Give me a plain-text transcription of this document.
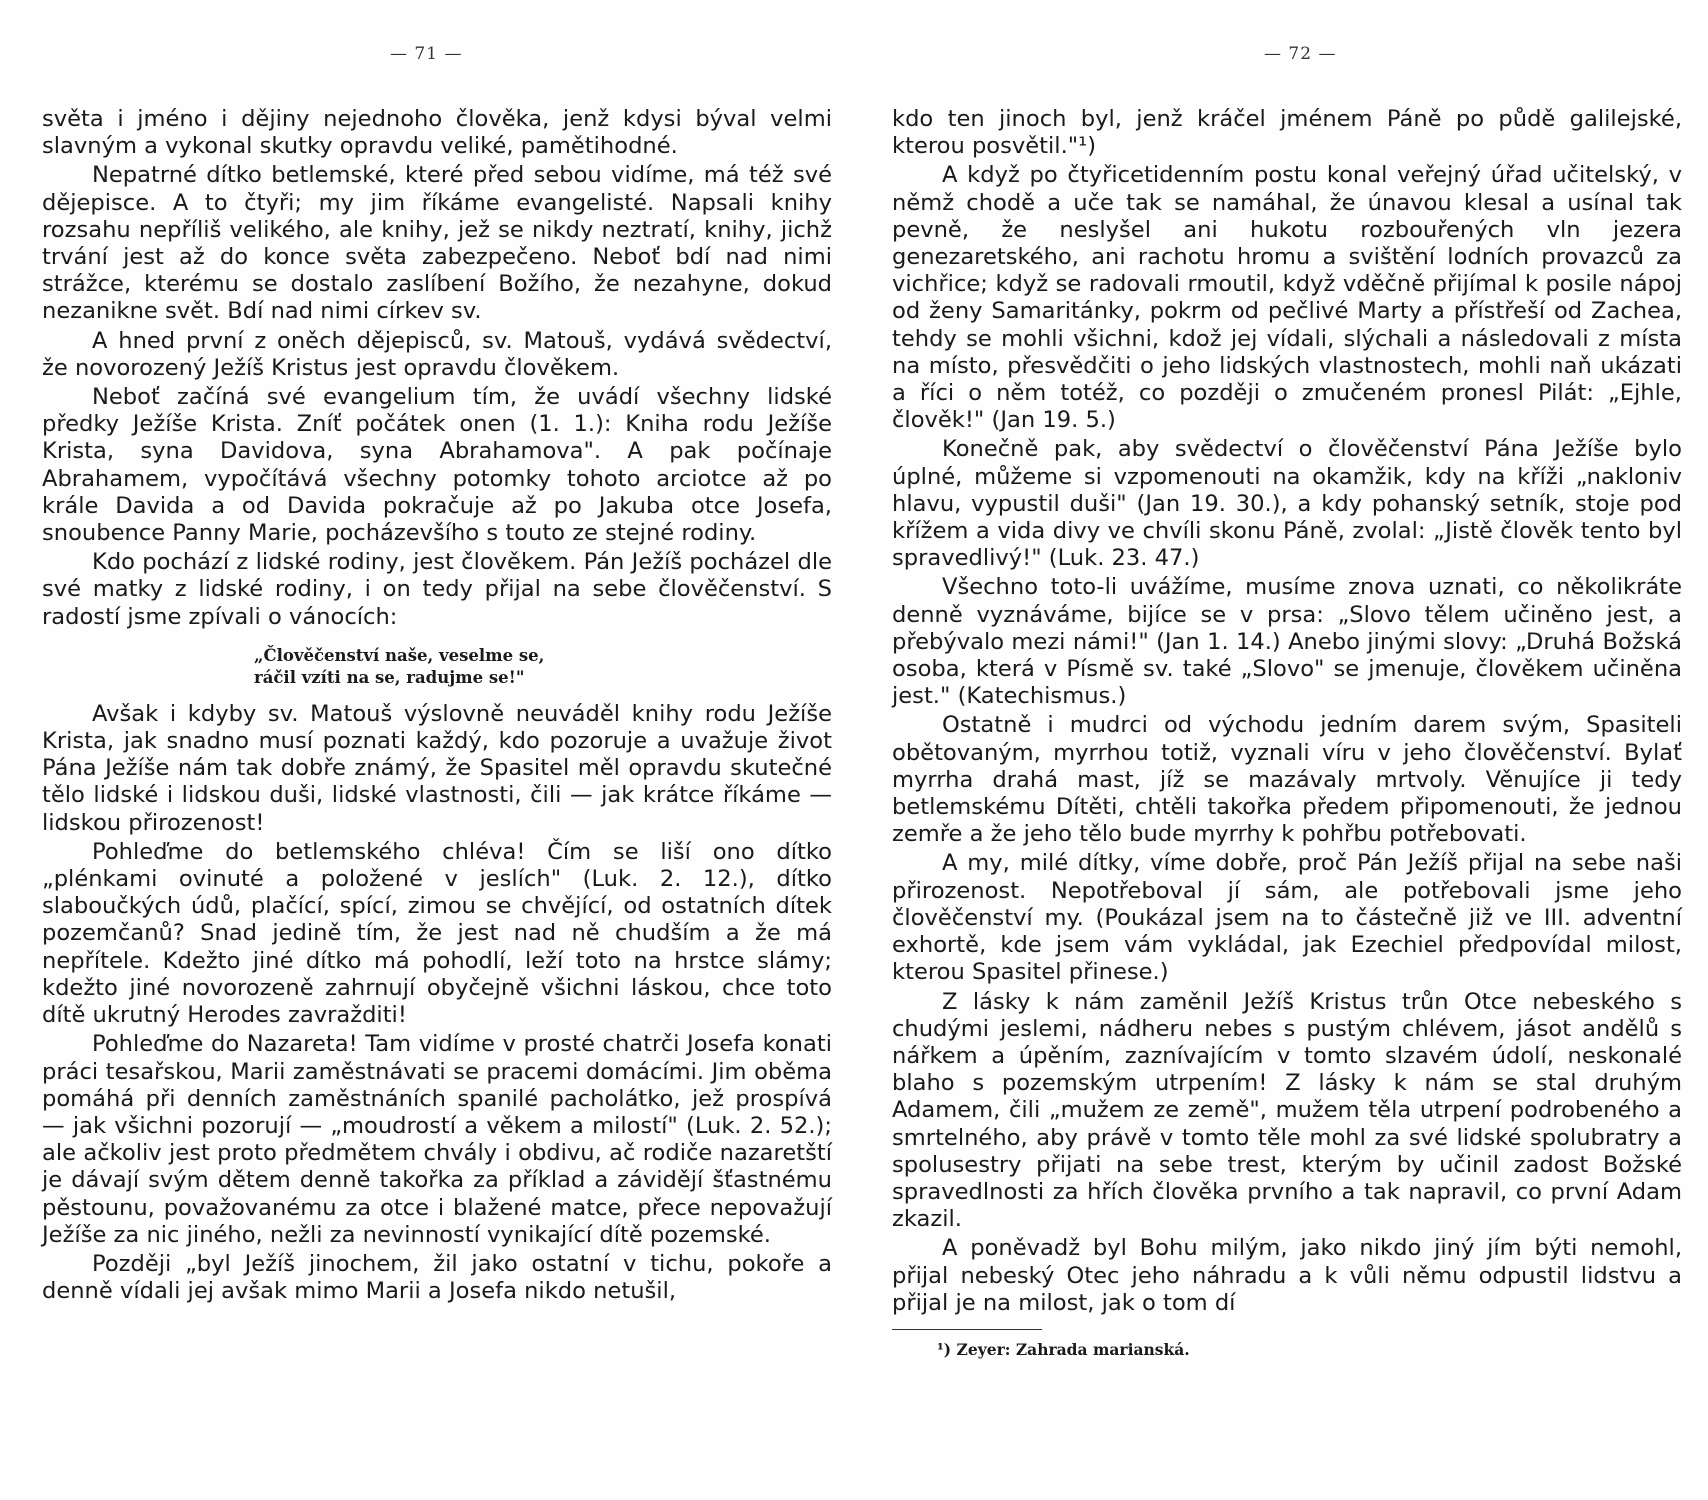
— 71 —

světa i jméno i dějiny nejednoho člověka, jenž kdysi býval velmi slavným a vykonal skutky opravdu veliké, pamětihodné.

Nepatrné dítko betlemské, které před sebou vidíme, má též své dějepisce. A to čtyři; my jim říkáme evangelisté. Napsali knihy rozsahu nepříliš velikého, ale knihy, jež se nikdy neztratí, knihy, jichž trvání jest až do konce světa zabezpečeno. Neboť bdí nad nimi strážce, kterému se dostalo zaslíbení Božího, že nezahyne, dokud nezanikne svět. Bdí nad nimi církev sv.

A hned první z oněch dějepisců, sv. Matouš, vydává svědectví, že novorozený Ježíš Kristus jest opravdu člověkem.

Neboť začíná své evangelium tím, že uvádí všechny lidské předky Ježíše Krista. Zníť počátek onen (1. 1.): Kniha rodu Ježíše Krista, syna Davidova, syna Abrahamova". A pak počínaje Abrahamem, vypočítává všechny potomky tohoto arciotce až po krále Davida a od Davida pokračuje až po Jakuba otce Josefa, snoubence Panny Marie, pocházevšího s touto ze stejné rodiny.

Kdo pochází z lidské rodiny, jest člověkem. Pán Ježíš pocházel dle své matky z lidské rodiny, i on tedy přijal na sebe člověčenství. S radostí jsme zpívali o vánocích:

„Člověčenství naše, veselme se,
ráčil vzíti na se, radujme se!"

Avšak i kdyby sv. Matouš výslovně neuváděl knihy rodu Ježíše Krista, jak snadno musí poznati každý, kdo pozoruje a uvažuje život Pána Ježíše nám tak dobře známý, že Spasitel měl opravdu skutečné tělo lidské i lidskou duši, lidské vlastnosti, čili — jak krátce říkáme — lidskou přirozenost!

Pohleďme do betlemského chléva! Čím se liší ono dítko „plénkami ovinuté a položené v jeslích" (Luk. 2. 12.), dítko slaboučkých údů, plačící, spící, zimou se chvějící, od ostatních dítek pozemčanů? Snad jedině tím, že jest nad ně chudším a že má nepřítele. Kdežto jiné dítko má pohodlí, leží toto na hrstce slámy; kdežto jiné novorozeně zahrnují obyčejně všichni láskou, chce toto dítě ukrutný Herodes zavražditi!

Pohleďme do Nazareta! Tam vidíme v prosté chatrči Josefa konati práci tesařskou, Marii zaměstnávati se pracemi domácími. Jim oběma pomáhá při denních zaměstnáních spanilé pacholátko, jež prospívá — jak všichni pozorují — „moudrostí a věkem a milostí" (Luk. 2. 52.); ale ačkoliv jest proto předmětem chvály i obdivu, ač rodiče nazaretští je dávají svým dětem denně takořka za příklad a závidějí šťastnému pěstounu, považovanému za otce i blažené matce, přece nepovažují Ježíše za nic jiného, nežli za nevinností vynikající dítě pozemské.

Později „byl Ježíš jinochem, žil jako ostatní v tichu, pokoře a denně vídali jej avšak mimo Marii a Josefa nikdo netušil,

— 72 —

kdo ten jinoch byl, jenž kráčel jménem Páně po půdě galilejské, kterou posvětil."¹)

A když po čtyřicetidenním postu konal veřejný úřad učitelský, v němž chodě a uče tak se namáhal, že únavou klesal a usínal tak pevně, že neslyšel ani hukotu rozbouřených vln jezera genezaretského, ani rachotu hromu a svištění lodních provazců za vichřice; když se radovali rmoutil, když vděčně přijímal k posile nápoj od ženy Samaritánky, pokrm od pečlivé Marty a přístřeší od Zachea, tehdy se mohli všichni, kdož jej vídali, slýchali a následovali z místa na místo, přesvědčiti o jeho lidských vlastnostech, mohli naň ukázati a říci o něm totéž, co později o zmučeném pronesl Pilát: „Ejhle, člověk!" (Jan 19. 5.)

Konečně pak, aby svědectví o člověčenství Pána Ježíše bylo úplné, můžeme si vzpomenouti na okamžik, kdy na kříži „nakloniv hlavu, vypustil duši" (Jan 19. 30.), a kdy pohanský setník, stoje pod křížem a vida divy ve chvíli skonu Páně, zvolal: „Jistě člověk tento byl spravedlivý!" (Luk. 23. 47.)

Všechno toto-li uvážíme, musíme znova uznati, co několikráte denně vyznáváme, bijíce se v prsa: „Slovo tělem učiněno jest, a přebývalo mezi námi!" (Jan 1. 14.) Anebo jinými slovy: „Druhá Božská osoba, která v Písmě sv. také „Slovo" se jmenuje, člověkem učiněna jest." (Katechismus.)

Ostatně i mudrci od východu jedním darem svým, Spasiteli obětovaným, myrrhou totiž, vyznali víru v jeho člověčenství. Bylať myrrha drahá mast, jíž se mazávaly mrtvoly. Věnujíce ji tedy betlemskému Dítěti, chtěli takořka předem připomenouti, že jednou zemře a že jeho tělo bude myrrhy k pohřbu potřebovati.

A my, milé dítky, víme dobře, proč Pán Ježíš přijal na sebe naši přirozenost. Nepotřeboval jí sám, ale potřebovali jsme jeho člověčenství my. (Poukázal jsem na to částečně již ve III. adventní exhortě, kde jsem vám vykládal, jak Ezechiel předpovídal milost, kterou Spasitel přinese.)

Z lásky k nám zaměnil Ježíš Kristus trůn Otce nebeského s chudými jeslemi, nádheru nebes s pustým chlévem, jásot andělů s nářkem a úpěním, zaznívajícím v tomto slzavém údolí, neskonalé blaho s pozemským utrpením! Z lásky k nám se stal druhým Adamem, čili „mužem ze země", mužem těla utrpení podrobeného a smrtelného, aby právě v tomto těle mohl za své lidské spolubratry a spolusestry přijati na sebe trest, kterým by učinil zadost Božské spravedlnosti za hřích člověka prvního a tak napravil, co první Adam zkazil.

A poněvadž byl Bohu milým, jako nikdo jiný jím býti nemohl, přijal nebeský Otec jeho náhradu a k vůli němu odpustil lidstvu a přijal je na milost, jak o tom dí

¹) Zeyer: Zahrada marianská.
